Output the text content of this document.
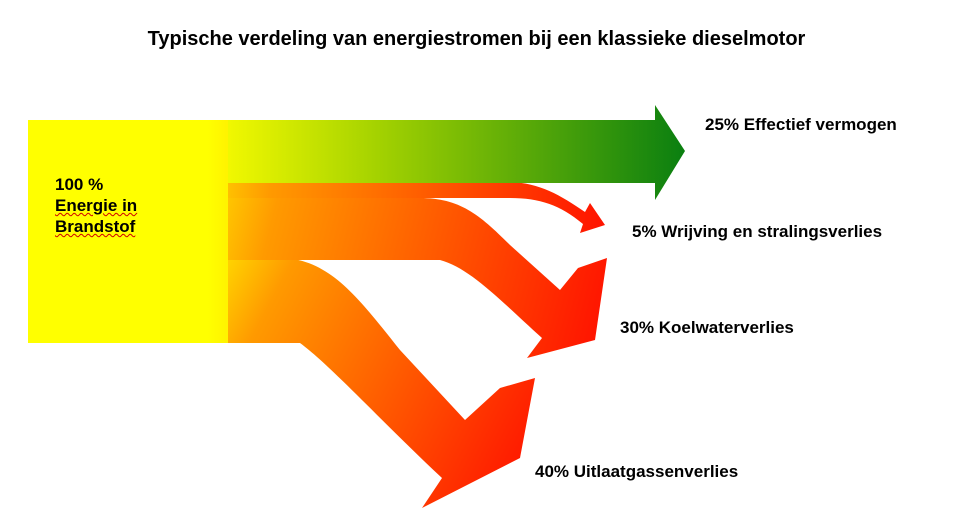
Typische verdeling van energiestromen bij een klassieke dieselmotor
100 %
Energie in
Brandstof
25% Effectief vermogen
5% Wrijving en stralingsverlies
30% Koelwaterverlies
40% Uitlaatgassenverlies
